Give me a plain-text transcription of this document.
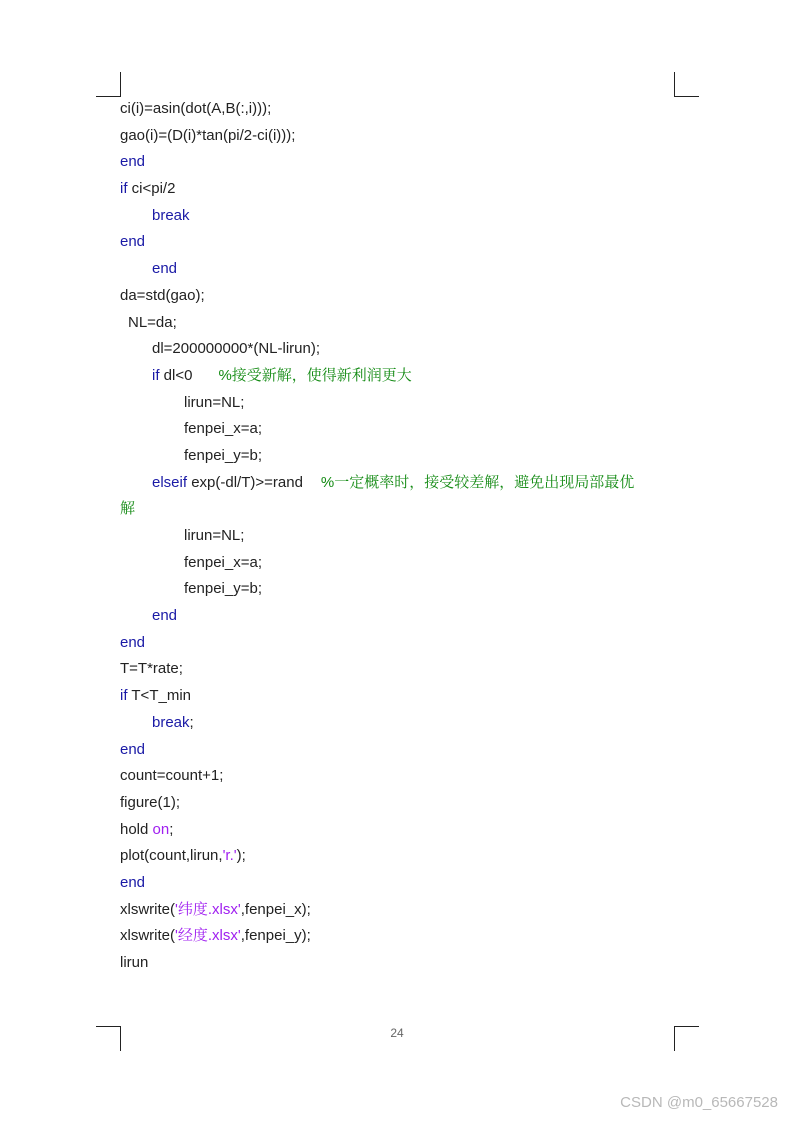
ci(i)=asin(dot(A,B(:,i)));
gao(i)=(D(i)*tan(pi/2-ci(i)));
end
if ci<pi/2
break
end
end
da=std(gao);
NL=da;
dl=200000000*(NL-lirun);
if dl<0 %接受新解，使得新利润更大
lirun=NL;
fenpei_x=a;
fenpei_y=b;
elseif exp(-dl/T)>=rand %一定概率时，接受较差解，避免出现局部最优
解
lirun=NL;
fenpei_x=a;
fenpei_y=b;
end
end
T=T*rate;
if T<T_min
break;
end
count=count+1;
figure(1);
hold on;
plot(count,lirun,'r.');
end
xlswrite('纬度.xlsx',fenpei_x);
xlswrite('经度.xlsx',fenpei_y);
lirun
24
CSDN @m0_65667528
